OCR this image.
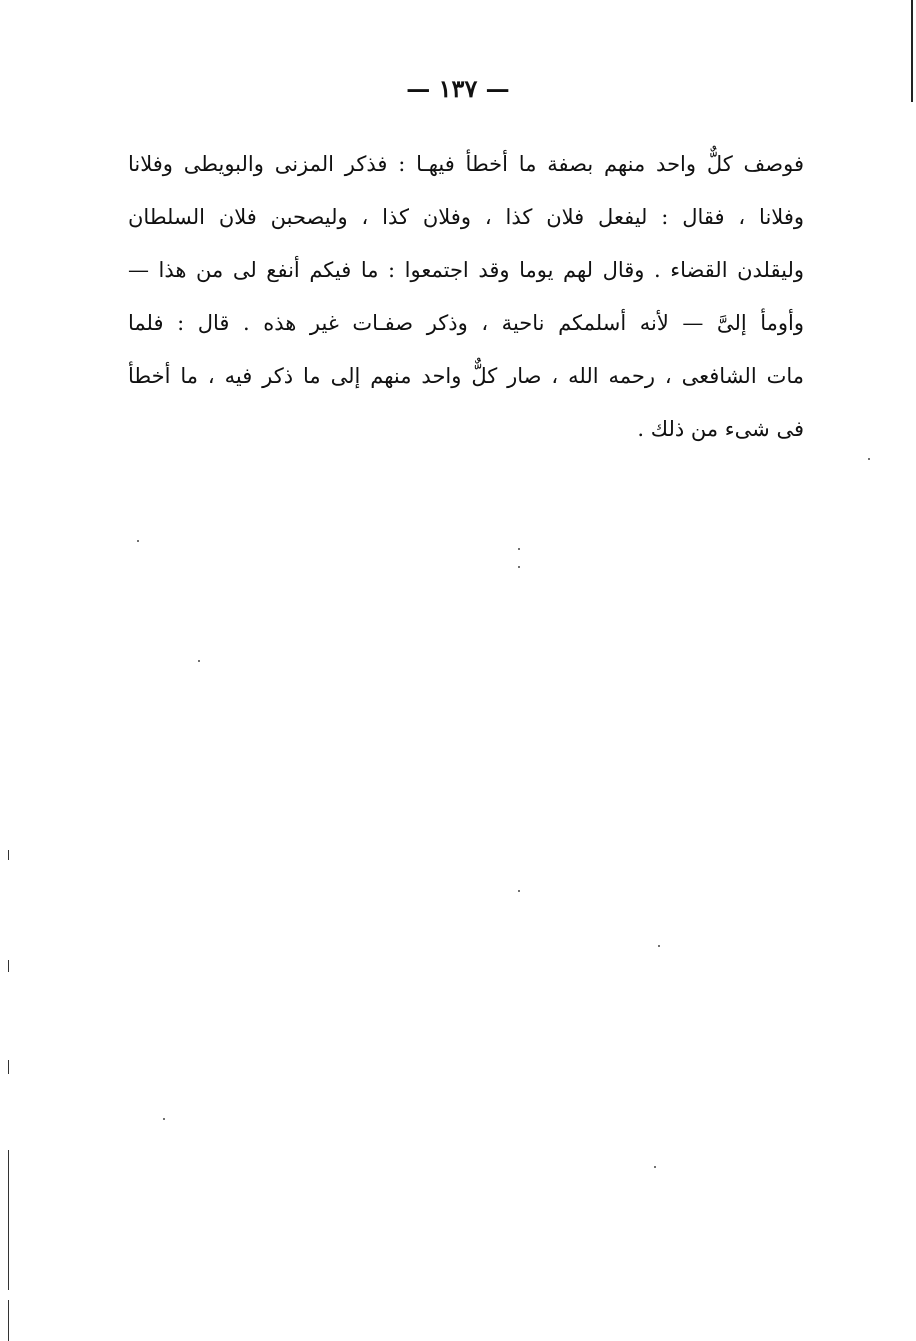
— ١٣٧ —
فوصف كلٌّ واحد منهم بصفة ما أخطأ فيهـا : فذكر المزنى والبويطى وفلانا
وفلانا ، فقال : ليفعل فلان كذا ، وفلان كذا ، وليصحبن فلان السلطان
وليقلدن القضاء . وقال لهم يوما وقد اجتمعوا : ما فيكم أنفع لى من هذا —
وأومأ إلىَّ — لأنه أسلمكم ناحية ، وذكر صفـات غير هذه . قال : فلما
مات الشافعى ، رحمه الله ، صار كلٌّ واحد منهم إلى ما ذكر فيه ، ما أخطأ
فى شىء من ذلك .
